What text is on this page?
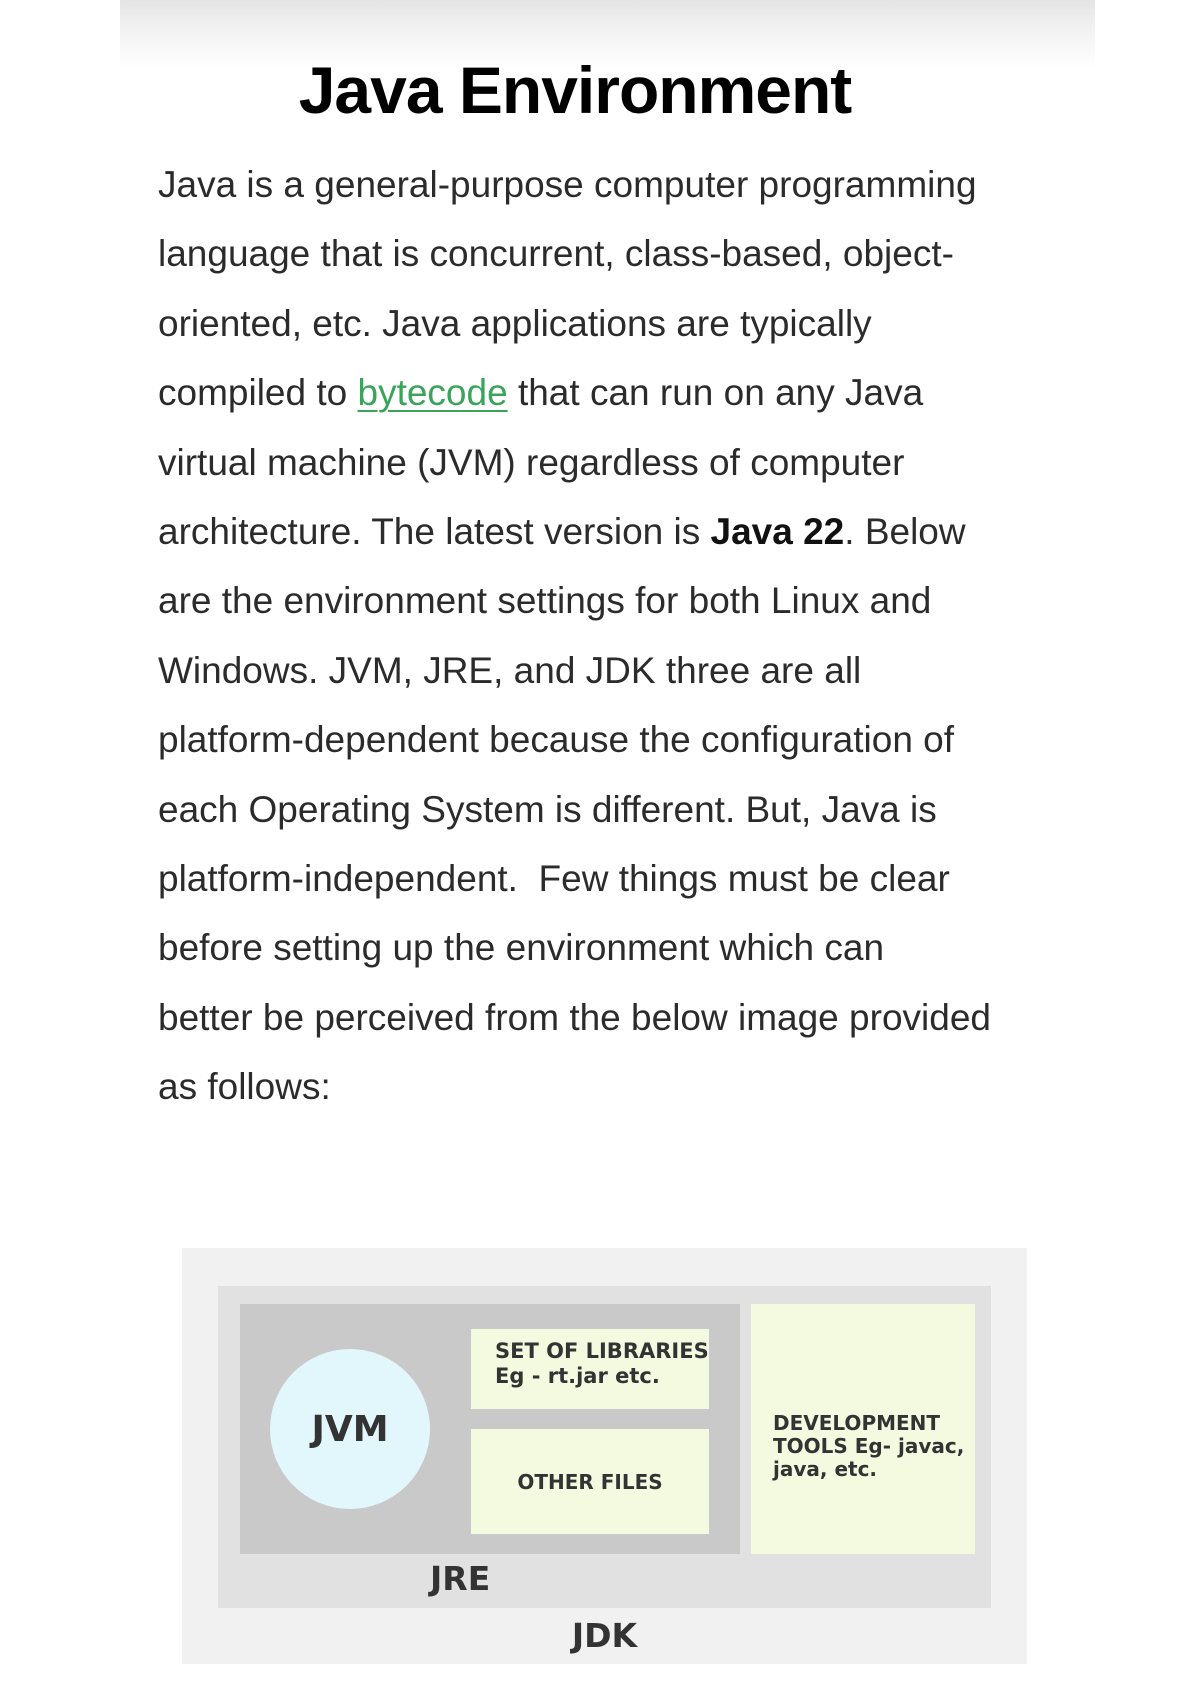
Java Environment
Java is a general-purpose computer programming
language that is concurrent, class-based, object-
oriented, etc. Java applications are typically
compiled to bytecode that can run on any Java
virtual machine (JVM) regardless of computer
architecture. The latest version is Java 22. Below
are the environment settings for both Linux and
Windows. JVM, JRE, and JDK three are all
platform-dependent because the configuration of
each Operating System is different. But, Java is
platform-independent.  Few things must be clear
before setting up the environment which can
better be perceived from the below image provided
as follows:
JVM
SET OF LIBRARIES
Eg - rt.jar etc.
OTHER FILES
DEVELOPMENT
TOOLS Eg- javac,
java, etc.
JRE
JDK
